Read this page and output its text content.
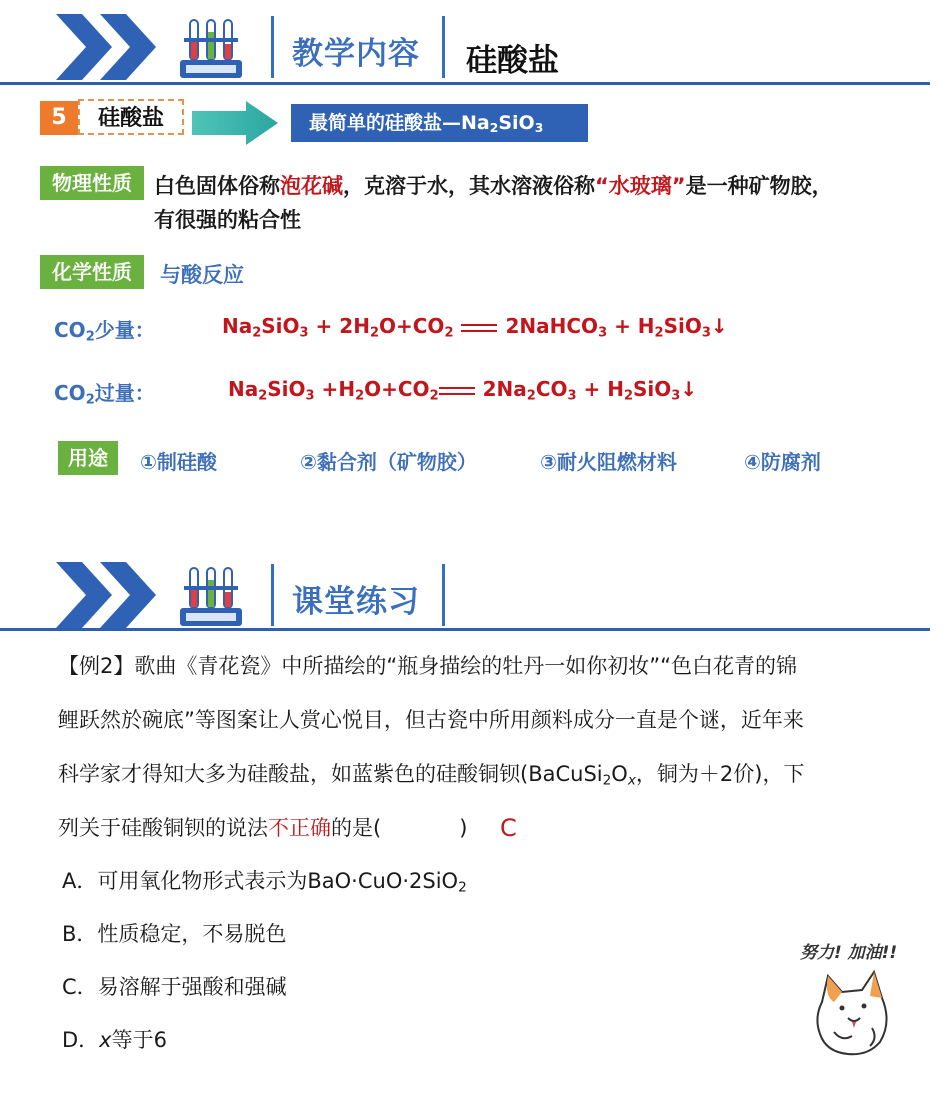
教学内容 硅酸盐
5	硅酸盐	最简单的硅酸盐$—Na_2SiO_3$
物理性质	白色固体俗称泡花碱，克溶于水，其水溶液俗称“水玻璃”是一种矿物胶，
有很强的粘合性
化学性质	与酸反应
$CO_2$少量：	$Na_2SiO_3 + 2H_2O+CO_2$	2NaHCO$_3$ + $H_2SiO_3↓$
$CO_2$过量：	$Na_2SiO_3 +H_2O+CO_2$ $2Na_2CO_3$ + $H_2SiO_3↓$
用途	①制硅酸	②黏合剂（矿物胶）	③耐火阻燃材料	④防腐剂
课堂练习
【例2】歌曲《青花瓷》中所描绘的“瓶身描绘的牡丹一如你初妆”“色白花青的锦
鲤跃然於碗底”等图案让人赏心悦目，但古瓷中所用颜料成分一直是个谜，近年来
科学家才得知大多为硅酸盐，如蓝紫色的硅酸铜钡($BaCuSi_2O_x$，铜为＋2价)，下
列关于硅酸铜钡的说法不正确的是(	) C
A．可用氧化物形式表示为BaO·CuO·2SiO$_2$
B．性质稳定，不易脱色
C．易溶解于强酸和强碱
D．x等于6
努力! 加油!!
